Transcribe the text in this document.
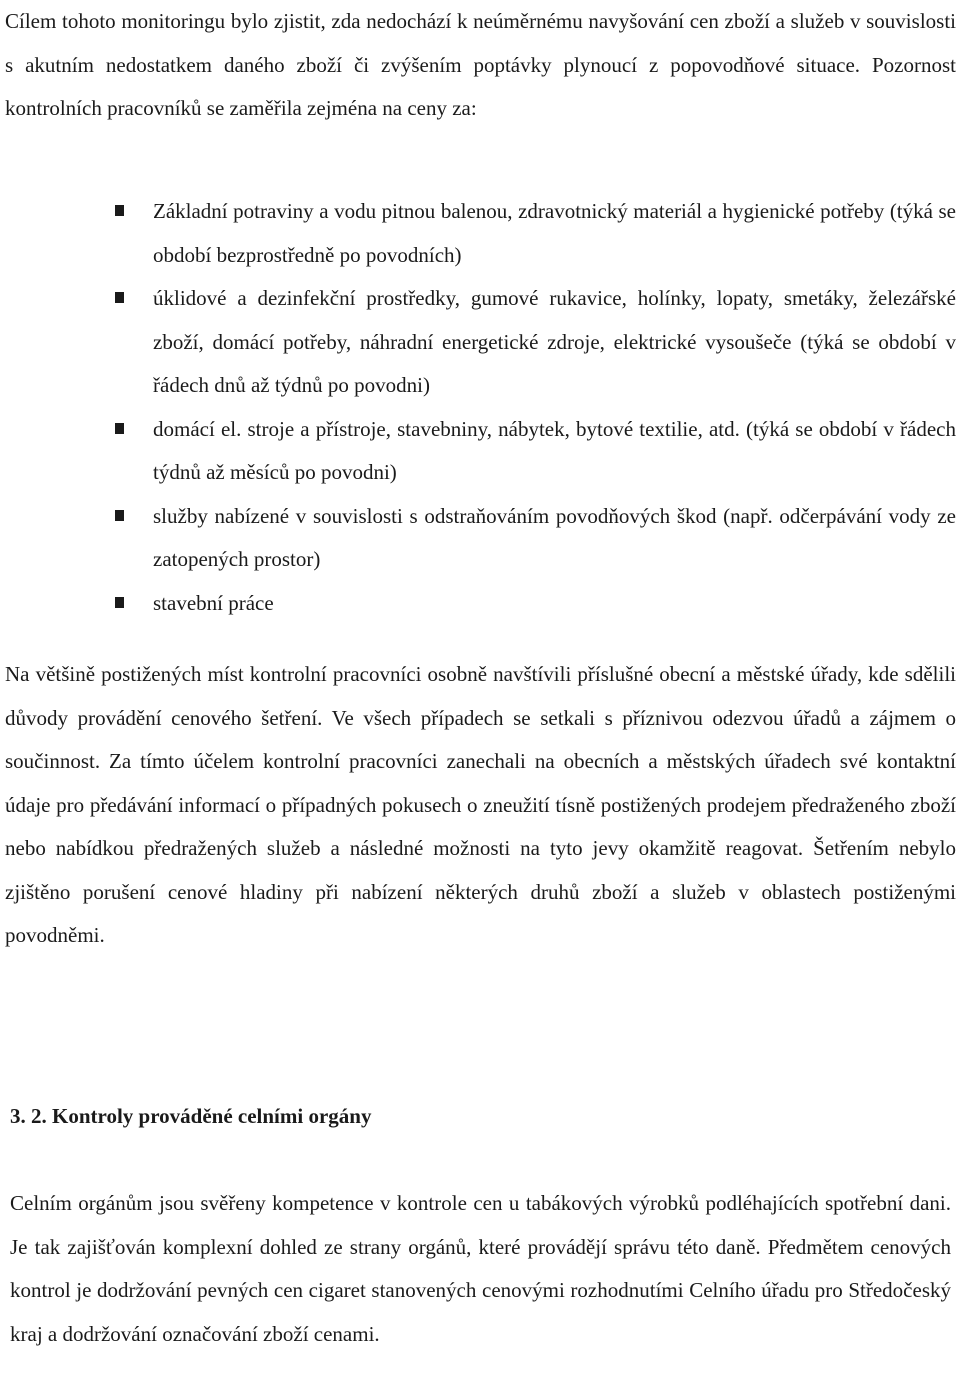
Cílem tohoto monitoringu bylo zjistit, zda nedochází k neúměrnému navyšování cen zboží a služeb v souvislosti s akutním nedostatkem daného zboží či zvýšením poptávky plynoucí z popovodňové situace. Pozornost kontrolních pracovníků se zaměřila zejména na ceny za:

Základní potraviny a vodu pitnou balenou, zdravotnický materiál a hygienické potřeby (týká se období bezprostředně po povodních)
úklidové a dezinfekční prostředky, gumové rukavice, holínky, lopaty, smetáky, železářské zboží, domácí potřeby, náhradní energetické zdroje, elektrické vysoušeče (týká se období v řádech dnů až týdnů po povodni)
domácí el. stroje a přístroje, stavebniny, nábytek, bytové textilie, atd. (týká se období v řádech týdnů až měsíců po povodni)
služby nabízené v souvislosti s odstraňováním povodňových škod (např. odčerpávání vody ze zatopených prostor)
stavební práce

Na většině postižených míst kontrolní pracovníci osobně navštívili příslušné obecní a městské úřady, kde sdělili důvody provádění cenového šetření. Ve všech případech se setkali s příznivou odezvou úřadů a zájmem o součinnost. Za tímto účelem kontrolní pracovníci zanechali na obecních a městských úřadech své kontaktní údaje pro předávání informací o případných pokusech o zneužití tísně postižených prodejem předraženého zboží nebo nabídkou předražených služeb a následné možnosti na tyto jevy okamžitě reagovat. Šetřením nebylo zjištěno porušení cenové hladiny při nabízení některých druhů zboží a služeb v oblastech postiženými povodněmi.

3. 2. Kontroly prováděné celními orgány

Celním orgánům jsou svěřeny kompetence v kontrole cen u tabákových výrobků podléhajících spotřební dani. Je tak zajišťován komplexní dohled ze strany orgánů, které provádějí správu této daně. Předmětem cenových kontrol je dodržování pevných cen cigaret stanovených cenovými rozhodnutími Celního úřadu pro Středočeský kraj a dodržování označování zboží cenami.
